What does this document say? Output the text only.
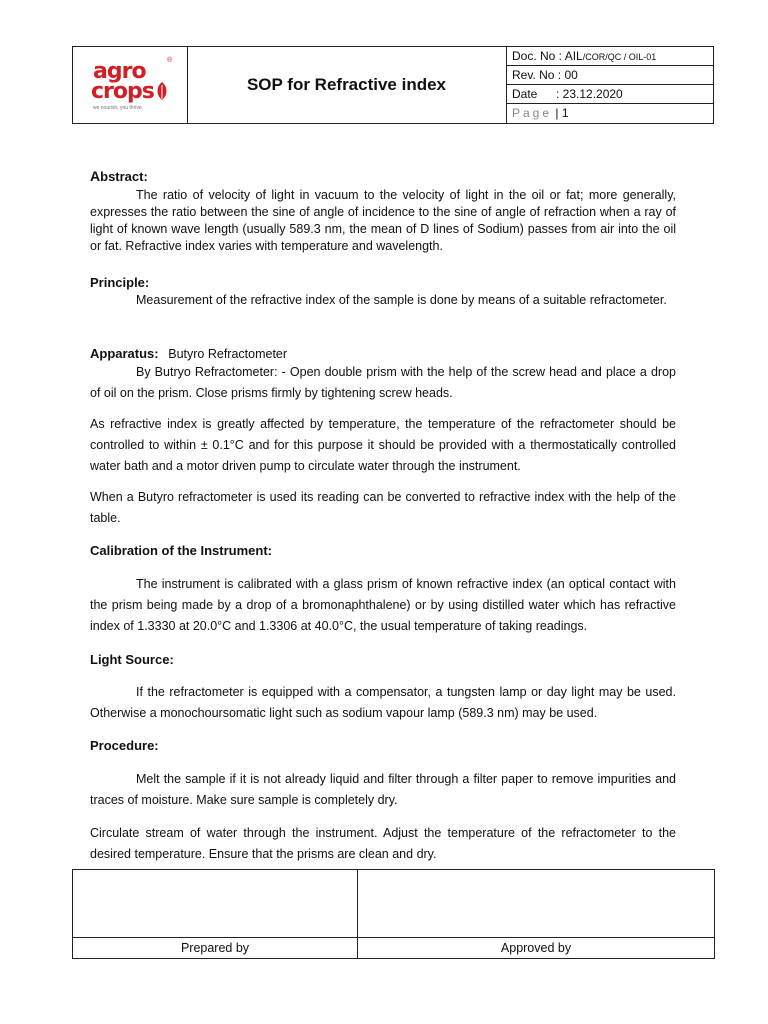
agro
crops
®
we nourish, you thrive
SOP for Refractive index
Doc. No : AIL/COR/QC / OIL-01
Rev. No : 00
Date : 23.12.2020
Page | 1
Abstract:
The ratio of velocity of light in vacuum to the velocity of light in the oil or fat; more generally, expresses the ratio between the sine of angle of incidence to the sine of angle of refraction when a ray of light of known wave length (usually 589.3 nm, the mean of D lines of Sodium) passes from air into the oil or fat. Refractive index varies with temperature and wavelength.
Principle:
Measurement of the refractive index of the sample is done by means of a suitable refractometer.
Apparatus: Butyro Refractometer
By Butryo Refractometer: - Open double prism with the help of the screw head and place a drop of oil on the prism. Close prisms firmly by tightening screw heads.
As refractive index is greatly affected by temperature, the temperature of the refractometer should be controlled to within ± 0.1°C and for this purpose it should be provided with a thermostatically controlled water bath and a motor driven pump to circulate water through the instrument.
When a Butyro refractometer is used its reading can be converted to refractive index with the help of the table.
Calibration of the Instrument:
The instrument is calibrated with a glass prism of known refractive index (an optical contact with the prism being made by a drop of a bromonaphthalene) or by using distilled water which has refractive index of 1.3330 at 20.0°C and 1.3306 at 40.0°C, the usual temperature of taking readings.
Light Source:
If the refractometer is equipped with a compensator, a tungsten lamp or day light may be used. Otherwise a monochoursomatic light such as sodium vapour lamp (589.3 nm) may be used.
Procedure:
Melt the sample if it is not already liquid and filter through a filter paper to remove impurities and traces of moisture. Make sure sample is completely dry.
Circulate stream of water through the instrument. Adjust the temperature of the refractometer to the desired temperature. Ensure that the prisms are clean and dry.
Prepared by	Approved by
